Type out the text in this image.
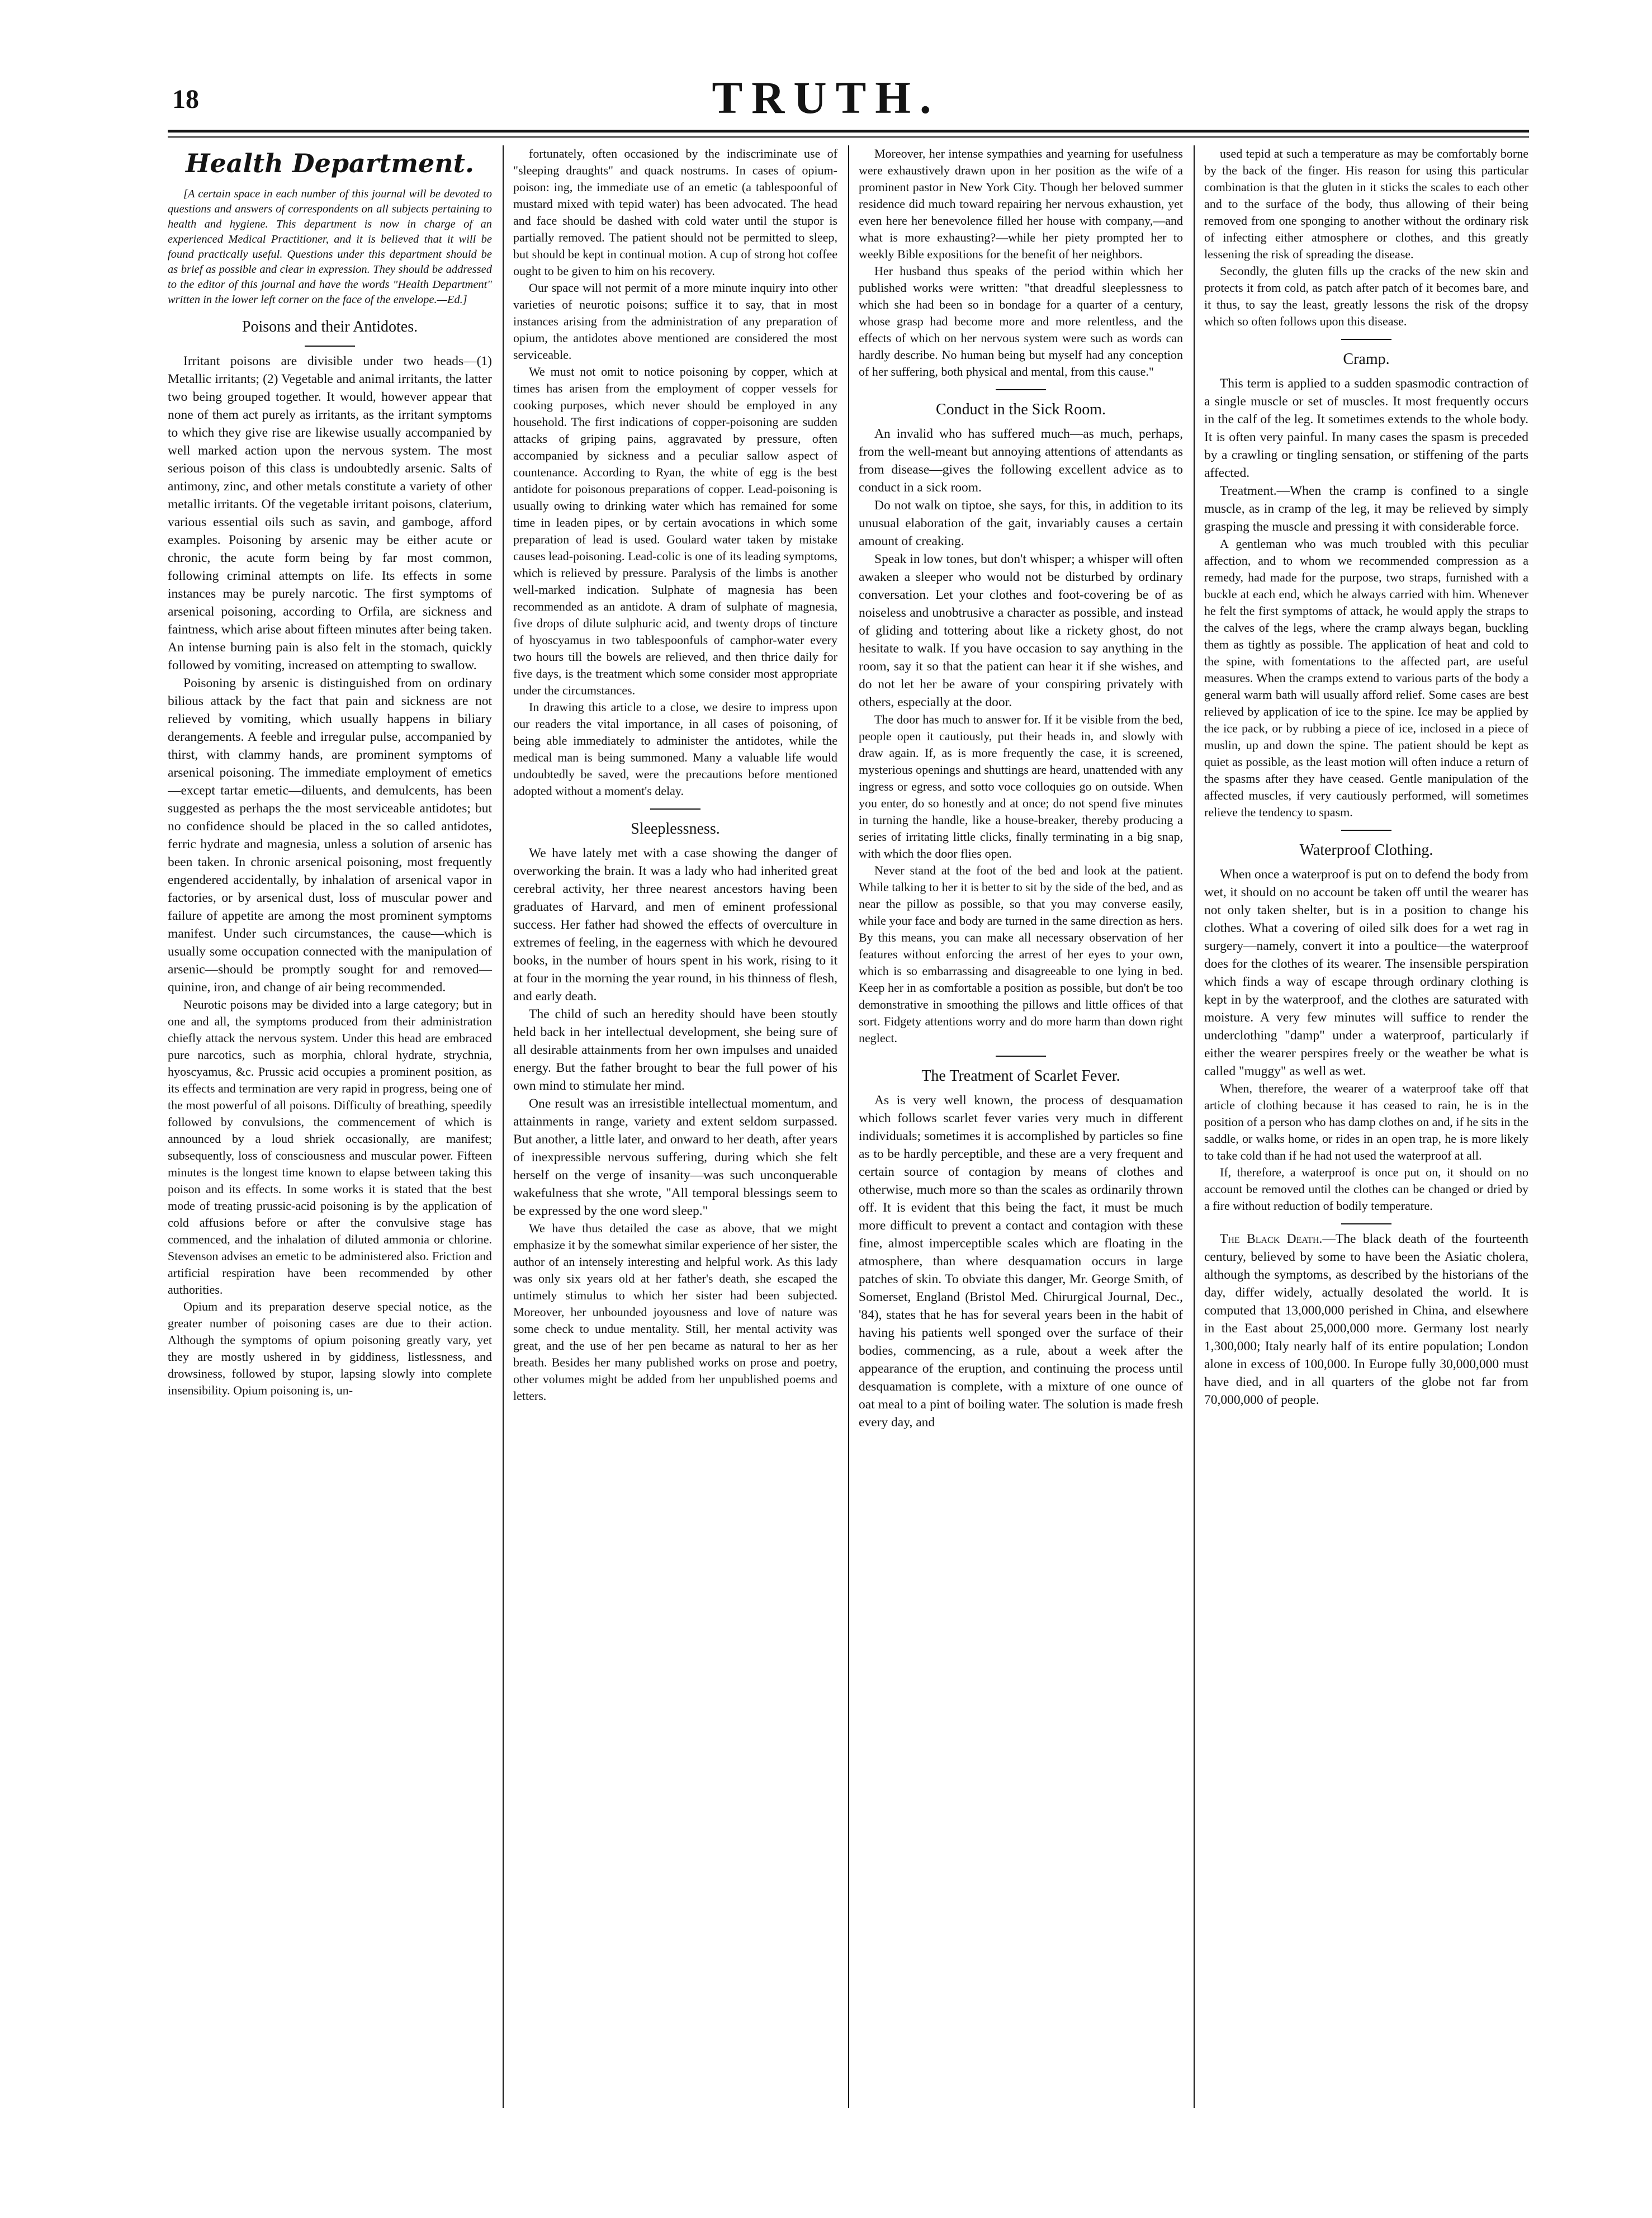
18	TRUTH.
Health Department.

[A certain space in each number of this journal will be devoted to questions and answers of correspondents on all subjects pertaining to health and hygiene. This department is now in charge of an experienced Medical Practitioner, and it is believed that it will be found practically useful. Questions under this department should be as brief as possible and clear in expression. They should be addressed to the editor of this journal and have the words "Health Department" written in the lower left corner on the face of the envelope.—Ed.]

Poisons and their Antidotes.

Irritant poisons are divisible under two heads—(1) Metallic irritants; (2) Vegetable and animal irritants, the latter two being grouped together. It would, however appear that none of them act purely as irritants, as the irritant symptoms to which they give rise are likewise usually accompanied by well marked action upon the nervous system. The most serious poison of this class is undoubtedly arsenic. Salts of antimony, zinc, and other metals constitute a variety of other metallic irritants. Of the vegetable irritant poisons, claterium, various essential oils such as savin, and gamboge, afford examples. Poisoning by arsenic may be either acute or chronic, the acute form being by far most common, following criminal attempts on life. Its effects in some instances may be purely narcotic. The first symptoms of arsenical poisoning, according to Orfila, are sickness and faintness, which arise about fifteen minutes after being taken. An intense burning pain is also felt in the stomach, quickly followed by vomiting, increased on attempting to swallow.

Poisoning by arsenic is distinguished from on ordinary bilious attack by the fact that pain and sickness are not relieved by vomiting, which usually happens in biliary derangements. A feeble and irregular pulse, accompanied by thirst, with clammy hands, are prominent symptoms of arsenical poisoning. The immediate employment of emetics —except tartar emetic—diluents, and demulcents, has been suggested as perhaps the the most serviceable antidotes; but no confidence should be placed in the so called antidotes, ferric hydrate and magnesia, unless a solution of arsenic has been taken. In chronic arsenical poisoning, most frequently engendered accidentally, by inhalation of arsenical vapor in factories, or by arsenical dust, loss of muscular power and failure of appetite are among the most prominent symptoms manifest. Under such circumstances, the cause—which is usually some occupation connected with the manipulation of arsenic—should be promptly sought for and removed—quinine, iron, and change of air being recommended.

Neurotic poisons may be divided into a large category; but in one and all, the symptoms produced from their administration chiefly attack the nervous system. Under this head are embraced pure narcotics, such as morphia, chloral hydrate, strychnia, hyoscyamus, &c. Prussic acid occupies a prominent position, as its effects and termination are very rapid in progress, being one of the most powerful of all poisons. Difficulty of breathing, speedily followed by convulsions, the commencement of which is announced by a loud shriek occasionally, are manifest; subsequently, loss of consciousness and muscular power. Fifteen minutes is the longest time known to elapse between taking this poison and its effects. In some works it is stated that the best mode of treating prussic-acid poisoning is by the application of cold affusions before or after the convulsive stage has commenced, and the inhalation of diluted ammonia or chlorine. Stevenson advises an emetic to be administered also. Friction and artificial respiration have been recommended by other authorities.

Opium and its preparation deserve special notice, as the greater number of poisoning cases are due to their action. Although the symptoms of opium poisoning greatly vary, yet they are mostly ushered in by giddiness, listlessness, and drowsiness, followed by stupor, lapsing slowly into complete insensibility. Opium poisoning is, un-

fortunately, often occasioned by the indiscriminate use of "sleeping draughts" and quack nostrums. In cases of opium-poison: ing, the immediate use of an emetic (a tablespoonful of mustard mixed with tepid water) has been advocated. The head and face should be dashed with cold water until the stupor is partially removed. The patient should not be permitted to sleep, but should be kept in continual motion. A cup of strong hot coffee ought to be given to him on his recovery.

Our space will not permit of a more minute inquiry into other varieties of neurotic poisons; suffice it to say, that in most instances arising from the administration of any preparation of opium, the antidotes above mentioned are considered the most serviceable.

We must not omit to notice poisoning by copper, which at times has arisen from the employment of copper vessels for cooking purposes, which never should be employed in any household. The first indications of copper-poisoning are sudden attacks of griping pains, aggravated by pressure, often accompanied by sickness and a peculiar sallow aspect of countenance. According to Ryan, the white of egg is the best antidote for poisonous preparations of copper. Lead-poisoning is usually owing to drinking water which has remained for some time in leaden pipes, or by certain avocations in which some preparation of lead is used. Goulard water taken by mistake causes lead-poisoning. Lead-colic is one of its leading symptoms, which is relieved by pressure. Paralysis of the limbs is another well-marked indication. Sulphate of magnesia has been recommended as an antidote. A dram of sulphate of magnesia, five drops of dilute sulphuric acid, and twenty drops of tincture of hyoscyamus in two tablespoonfuls of camphor-water every two hours till the bowels are relieved, and then thrice daily for five days, is the treatment which some consider most appropriate under the circumstances.

In drawing this article to a close, we desire to impress upon our readers the vital importance, in all cases of poisoning, of being able immediately to administer the antidotes, while the medical man is being summoned. Many a valuable life would undoubtedly be saved, were the precautions before mentioned adopted without a moment's delay.

Sleeplessness.

We have lately met with a case showing the danger of overworking the brain. It was a lady who had inherited great cerebral activity, her three nearest ancestors having been graduates of Harvard, and men of eminent professional success. Her father had showed the effects of overculture in extremes of feeling, in the eagerness with which he devoured books, in the number of hours spent in his work, rising to it at four in the morning the year round, in his thinness of flesh, and early death.

The child of such an heredity should have been stoutly held back in her intellectual development, she being sure of all desirable attainments from her own impulses and unaided energy. But the father brought to bear the full power of his own mind to stimulate her mind.

One result was an irresistible intellectual momentum, and attainments in range, variety and extent seldom surpassed. But another, a little later, and onward to her death, after years of inexpressible nervous suffering, during which she felt herself on the verge of insanity—was such unconquerable wakefulness that she wrote, "All temporal blessings seem to be expressed by the one word sleep."

We have thus detailed the case as above, that we might emphasize it by the somewhat similar experience of her sister, the author of an intensely interesting and helpful work. As this lady was only six years old at her father's death, she escaped the untimely stimulus to which her sister had been subjected. Moreover, her unbounded joyousness and love of nature was some check to undue mentality. Still, her mental activity was great, and the use of her pen became as natural to her as her breath. Besides her many published works on prose and poetry, other volumes might be added from her unpublished poems and letters.

Moreover, her intense sympathies and yearning for usefulness were exhaustively drawn upon in her position as the wife of a prominent pastor in New York City. Though her beloved summer residence did much toward repairing her nervous exhaustion, yet even here her benevolence filled her house with company,—and what is more exhausting?—while her piety prompted her to weekly Bible expositions for the benefit of her neighbors.

Her husband thus speaks of the period within which her published works were written: "that dreadful sleeplessness to which she had been so in bondage for a quarter of a century, whose grasp had become more and more relentless, and the effects of which on her nervous system were such as words can hardly describe. No human being but myself had any conception of her suffering, both physical and mental, from this cause."

Conduct in the Sick Room.

An invalid who has suffered much—as much, perhaps, from the well-meant but annoying attentions of attendants as from disease—gives the following excellent advice as to conduct in a sick room.

Do not walk on tiptoe, she says, for this, in addition to its unusual elaboration of the gait, invariably causes a certain amount of creaking.

Speak in low tones, but don't whisper; a whisper will often awaken a sleeper who would not be disturbed by ordinary conversation. Let your clothes and foot-covering be of as noiseless and unobtrusive a character as possible, and instead of gliding and tottering about like a rickety ghost, do not hesitate to walk. If you have occasion to say anything in the room, say it so that the patient can hear it if she wishes, and do not let her be aware of your conspiring privately with others, especially at the door.

The door has much to answer for. If it be visible from the bed, people open it cautiously, put their heads in, and slowly with draw again. If, as is more frequently the case, it is screened, mysterious openings and shuttings are heard, unattended with any ingress or egress, and sotto voce colloquies go on outside. When you enter, do so honestly and at once; do not spend five minutes in turning the handle, like a house-breaker, thereby producing a series of irritating little clicks, finally terminating in a big snap, with which the door flies open.

Never stand at the foot of the bed and look at the patient. While talking to her it is better to sit by the side of the bed, and as near the pillow as possible, so that you may converse easily, while your face and body are turned in the same direction as hers. By this means, you can make all necessary observation of her features without enforcing the arrest of her eyes to your own, which is so embarrassing and disagreeable to one lying in bed. Keep her in as comfortable a position as possible, but don't be too demonstrative in smoothing the pillows and little offices of that sort. Fidgety attentions worry and do more harm than down right neglect.

The Treatment of Scarlet Fever.

As is very well known, the process of desquamation which follows scarlet fever varies very much in different individuals; sometimes it is accomplished by particles so fine as to be hardly perceptible, and these are a very frequent and certain source of contagion by means of clothes and otherwise, much more so than the scales as ordinarily thrown off. It is evident that this being the fact, it must be much more difficult to prevent a contact and contagion with these fine, almost imperceptible scales which are floating in the atmosphere, than where desquamation occurs in large patches of skin. To obviate this danger, Mr. George Smith, of Somerset, England (Bristol Med. Chirurgical Journal, Dec., '84), states that he has for several years been in the habit of having his patients well sponged over the surface of their bodies, commencing, as a rule, about a week after the appearance of the eruption, and continuing the process until desquamation is complete, with a mixture of one ounce of oat meal to a pint of boiling water. The solution is made fresh every day, and

used tepid at such a temperature as may be comfortably borne by the back of the finger. His reason for using this particular combination is that the gluten in it sticks the scales to each other and to the surface of the body, thus allowing of their being removed from one sponging to another without the ordinary risk of infecting either atmosphere or clothes, and this greatly lessening the risk of spreading the disease.

Secondly, the gluten fills up the cracks of the new skin and protects it from cold, as patch after patch of it becomes bare, and it thus, to say the least, greatly lessons the risk of the dropsy which so often follows upon this disease.

Cramp.

This term is applied to a sudden spasmodic contraction of a single muscle or set of muscles. It most frequently occurs in the calf of the leg. It sometimes extends to the whole body. It is often very painful. In many cases the spasm is preceded by a crawling or tingling sensation, or stiffening of the parts affected.

Treatment.—When the cramp is confined to a single muscle, as in cramp of the leg, it may be relieved by simply grasping the muscle and pressing it with considerable force.

A gentleman who was much troubled with this peculiar affection, and to whom we recommended compression as a remedy, had made for the purpose, two straps, furnished with a buckle at each end, which he always carried with him. Whenever he felt the first symptoms of attack, he would apply the straps to the calves of the legs, where the cramp always began, buckling them as tightly as possible. The application of heat and cold to the spine, with fomentations to the affected part, are useful measures. When the cramps extend to various parts of the body a general warm bath will usually afford relief. Some cases are best relieved by application of ice to the spine. Ice may be applied by the ice pack, or by rubbing a piece of ice, inclosed in a piece of muslin, up and down the spine. The patient should be kept as quiet as possible, as the least motion will often induce a return of the spasms after they have ceased. Gentle manipulation of the affected muscles, if very cautiously performed, will sometimes relieve the tendency to spasm.

Waterproof Clothing.

When once a waterproof is put on to defend the body from wet, it should on no account be taken off until the wearer has not only taken shelter, but is in a position to change his clothes. What a covering of oiled silk does for a wet rag in surgery—namely, convert it into a poultice—the waterproof does for the clothes of its wearer. The insensible perspiration which finds a way of escape through ordinary clothing is kept in by the waterproof, and the clothes are saturated with moisture. A very few minutes will suffice to render the underclothing "damp" under a waterproof, particularly if either the wearer perspires freely or the weather be what is called "muggy" as well as wet.

When, therefore, the wearer of a waterproof take off that article of clothing because it has ceased to rain, he is in the position of a person who has damp clothes on and, if he sits in the saddle, or walks home, or rides in an open trap, he is more likely to take cold than if he had not used the waterproof at all.

If, therefore, a waterproof is once put on, it should on no account be removed until the clothes can be changed or dried by a fire without reduction of bodily temperature.

The Black Death.—The black death of the fourteenth century, believed by some to have been the Asiatic cholera, although the symptoms, as described by the historians of the day, differ widely, actually desolated the world. It is computed that 13,000,000 perished in China, and elsewhere in the East about 25,000,000 more. Germany lost nearly 1,300,000; Italy nearly half of its entire population; London alone in excess of 100,000. In Europe fully 30,000,000 must have died, and in all quarters of the globe not far from 70,000,000 of people.
